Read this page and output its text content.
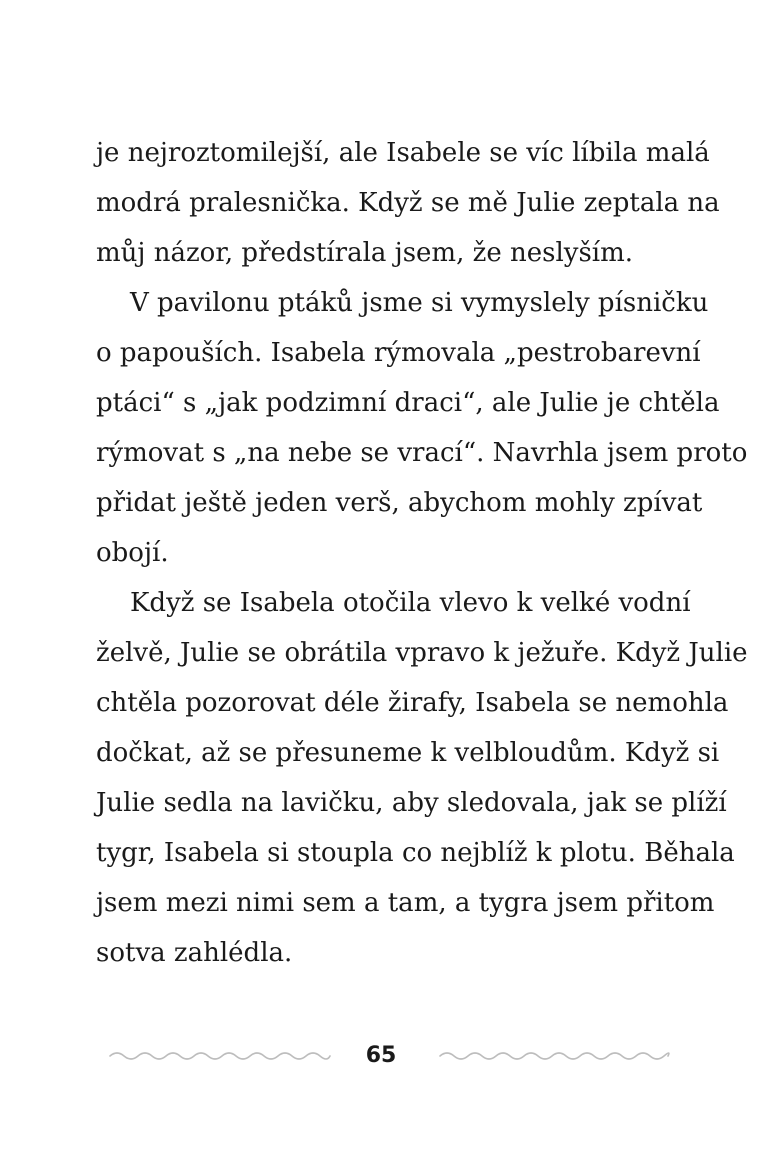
je nejroztomilejší, ale Isabele se víc líbila malá
modrá pralesnička. Když se mě Julie zeptala na
můj názor, předstírala jsem, že neslyším.
V pavilonu ptáků jsme si vymyslely písničku
o papouších. Isabela rýmovala „pestrobarevní
ptáci“ s „jak podzimní draci“, ale Julie je chtěla
rýmovat s „na nebe se vrací“. Navrhla jsem proto
přidat ještě jeden verš, abychom mohly zpívat
obojí.
Když se Isabela otočila vlevo k velké vodní
želvě, Julie se obrátila vpravo k ježuře. Když Julie
chtěla pozorovat déle žirafy, Isabela se nemohla
dočkat, až se přesuneme k velbloudům. Když si
Julie sedla na lavičku, aby sledovala, jak se plíží
tygr, Isabela si stoupla co nejblíž k plotu. Běhala
jsem mezi nimi sem a tam, a tygra jsem přitom
sotva zahlédla.
65
